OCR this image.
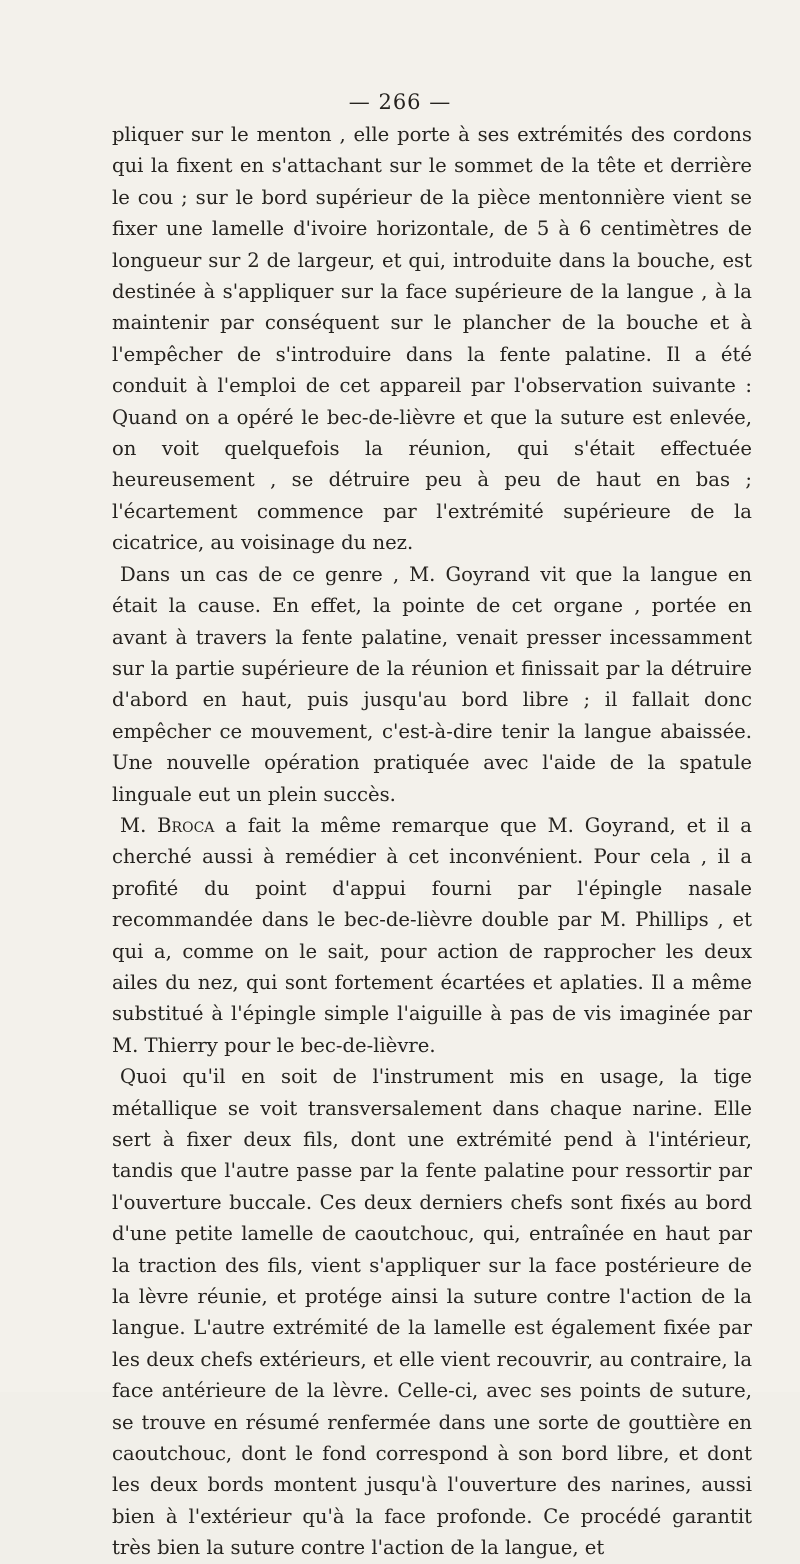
— 266 —

pliquer sur le menton , elle porte à ses extrémités des cordons qui la fixent en s'attachant sur le sommet de la tête et derrière le cou ; sur le bord supérieur de la pièce mentonnière vient se fixer une lamelle d'ivoire horizontale, de 5 à 6 centimètres de longueur sur 2 de largeur, et qui, introduite dans la bouche, est destinée à s'appliquer sur la face supérieure de la langue , à la maintenir par conséquent sur le plancher de la bouche et à l'empêcher de s'introduire dans la fente palatine. Il a été conduit à l'emploi de cet appareil par l'observation suivante : Quand on a opéré le bec-de-lièvre et que la suture est enlevée, on voit quelquefois la réunion, qui s'était effectuée heureusement , se détruire peu à peu de haut en bas ; l'écartement commence par l'extrémité supérieure de la cicatrice, au voisinage du nez.

Dans un cas de ce genre , M. Goyrand vit que la langue en était la cause. En effet, la pointe de cet organe , portée en avant à travers la fente palatine, venait presser incessamment sur la partie supérieure de la réunion et finissait par la détruire d'abord en haut, puis jusqu'au bord libre ; il fallait donc empêcher ce mouvement, c'est-à-dire tenir la langue abaissée. Une nouvelle opération pratiquée avec l'aide de la spatule linguale eut un plein succès.

M. Broca a fait la même remarque que M. Goyrand, et il a cherché aussi à remédier à cet inconvénient. Pour cela , il a profité du point d'appui fourni par l'épingle nasale recommandée dans le bec-de-lièvre double par M. Phillips , et qui a, comme on le sait, pour action de rapprocher les deux ailes du nez, qui sont fortement écartées et aplaties. Il a même substitué à l'épingle simple l'aiguille à pas de vis imaginée par M. Thierry pour le bec-de-lièvre.

Quoi qu'il en soit de l'instrument mis en usage, la tige métallique se voit transversalement dans chaque narine. Elle sert à fixer deux fils, dont une extrémité pend à l'intérieur, tandis que l'autre passe par la fente palatine pour ressortir par l'ouverture buccale. Ces deux derniers chefs sont fixés au bord d'une petite lamelle de caoutchouc, qui, entraînée en haut par la traction des fils, vient s'appliquer sur la face postérieure de la lèvre réunie, et protége ainsi la suture contre l'action de la langue. L'autre extrémité de la lamelle est également fixée par les deux chefs extérieurs, et elle vient recouvrir, au contraire, la face antérieure de la lèvre. Celle-ci, avec ses points de suture, se trouve en résumé renfermée dans une sorte de gouttière en caoutchouc, dont le fond correspond à son bord libre, et dont les deux bords montent jusqu'à l'ouverture des narines, aussi bien à l'extérieur qu'à la face profonde. Ce procédé garantit très bien la suture contre l'action de la langue, et
